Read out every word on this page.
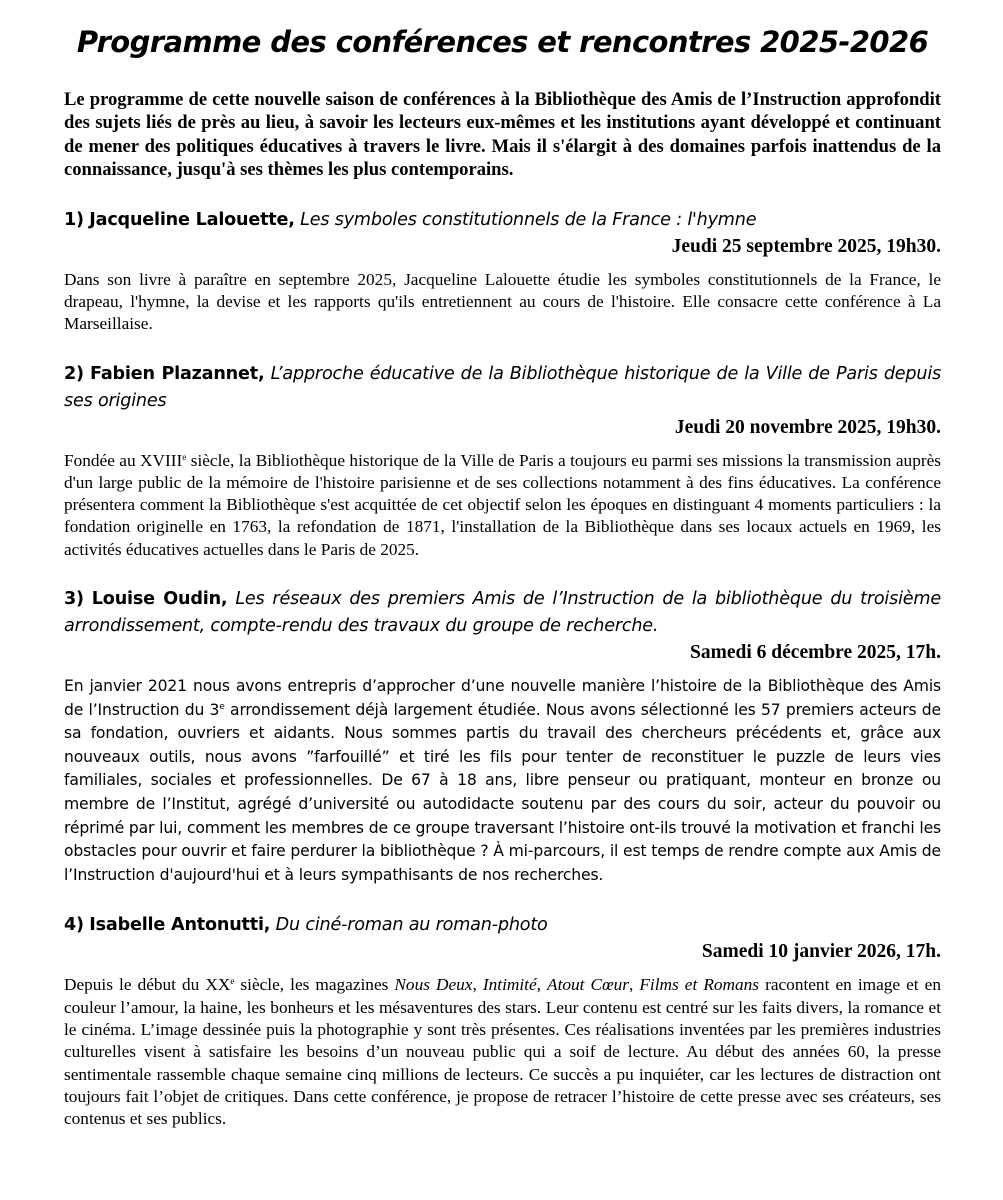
Programme des conférences et rencontres 2025-2026

Le programme de cette nouvelle saison de conférences à la Bibliothèque des Amis de l’Instruction approfondit des sujets liés de près au lieu, à savoir les lecteurs eux-mêmes et les institutions ayant développé et continuant de mener des politiques éducatives à travers le livre. Mais il s'élargit à des domaines parfois inattendus de la connaissance, jusqu'à ses thèmes les plus contemporains.

1) Jacqueline Lalouette, Les symboles constitutionnels de la France : l'hymne
Jeudi 25 septembre 2025, 19h30.
Dans son livre à paraître en septembre 2025, Jacqueline Lalouette étudie les symboles constitutionnels de la France, le drapeau, l'hymne, la devise et les rapports qu'ils entretiennent au cours de l'histoire. Elle consacre cette conférence à La Marseillaise.
2) Fabien Plazannet, L’approche éducative de la Bibliothèque historique de la Ville de Paris depuis ses origines
Jeudi 20 novembre 2025, 19h30.
Fondée au XVIIIe siècle, la Bibliothèque historique de la Ville de Paris a toujours eu parmi ses missions la transmission auprès d'un large public de la mémoire de l'histoire parisienne et de ses collections notamment à des fins éducatives. La conférence présentera comment la Bibliothèque s'est acquittée de cet objectif selon les époques en distinguant 4 moments particuliers : la fondation originelle en 1763, la refondation de 1871, l'installation de la Bibliothèque dans ses locaux actuels en 1969, les activités éducatives actuelles dans le Paris de 2025.
3) Louise Oudin, Les réseaux des premiers Amis de l’Instruction de la bibliothèque du troisième arrondissement, compte-rendu des travaux du groupe de recherche.
Samedi 6 décembre 2025, 17h.
En janvier 2021 nous avons entrepris d’approcher d’une nouvelle manière l’histoire de la Bibliothèque des Amis de l’Instruction du 3e arrondissement déjà largement étudiée. Nous avons sélectionné les 57 premiers acteurs de sa fondation, ouvriers et aidants. Nous sommes partis du travail des chercheurs précédents et, grâce aux nouveaux outils, nous avons ”farfouillé” et tiré les fils pour tenter de reconstituer le puzzle de leurs vies familiales, sociales et professionnelles. De 67 à 18 ans, libre penseur ou pratiquant, monteur en bronze ou membre de l’Institut, agrégé d’université ou autodidacte soutenu par des cours du soir, acteur du pouvoir ou réprimé par lui, comment les membres de ce groupe traversant l’histoire ont-ils trouvé la motivation et franchi les obstacles pour ouvrir et faire perdurer la bibliothèque ? À mi-parcours, il est temps de rendre compte aux Amis de l’Instruction d'aujourd'hui et à leurs sympathisants de nos recherches.
4) Isabelle Antonutti, Du ciné-roman au roman-photo
Samedi 10 janvier 2026, 17h.
Depuis le début du XXe siècle, les magazines Nous Deux, Intimité, Atout Cœur, Films et Romans racontent en image et en couleur l’amour, la haine, les bonheurs et les mésaventures des stars. Leur contenu est centré sur les faits divers, la romance et le cinéma. L’image dessinée puis la photographie y sont très présentes. Ces réalisations inventées par les premières industries culturelles visent à satisfaire les besoins d’un nouveau public qui a soif de lecture. Au début des années 60, la presse sentimentale rassemble chaque semaine cinq millions de lecteurs. Ce succès a pu inquiéter, car les lectures de distraction ont toujours fait l’objet de critiques. Dans cette conférence, je propose de retracer l’histoire de cette presse avec ses créateurs, ses contenus et ses publics.
